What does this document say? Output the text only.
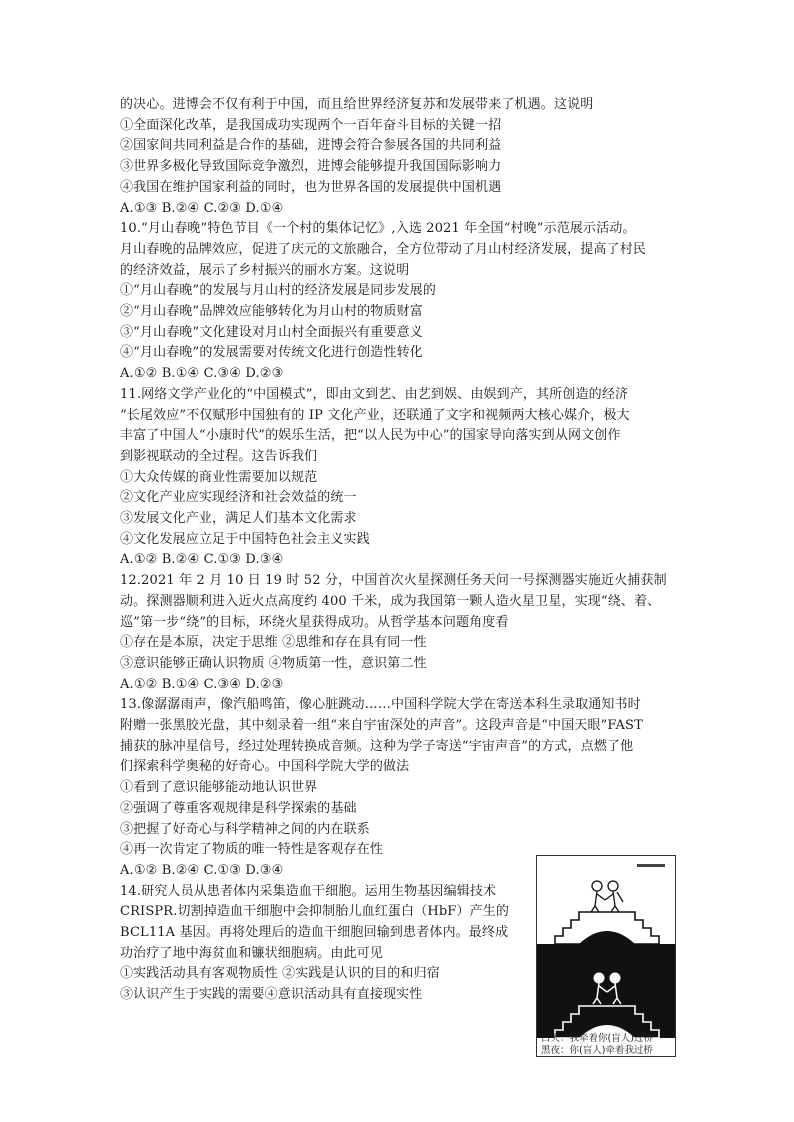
的决心。进博会不仅有利于中国，而且给世界经济复苏和发展带来了机遇。这说明
①全面深化改革，是我国成功实现两个一百年奋斗目标的关键一招
②国家间共同利益是合作的基础，进博会符合参展各国的共同利益
③世界多极化导致国际竞争激烈，进博会能够提升我国国际影响力
④我国在维护国家利益的同时，也为世界各国的发展提供中国机遇
A.①③ B.②④ C.②③ D.①④
10.“月山春晚”特色节目《一个村的集体记忆》,入选 2021 年全国“村晚”示范展示活动。
月山春晚的品牌效应，促进了庆元的文旅融合，全方位带动了月山村经济发展，提高了村民
的经济效益，展示了乡村振兴的丽水方案。这说明
①“月山春晚”的发展与月山村的经济发展是同步发展的
②“月山春晚”品牌效应能够转化为月山村的物质财富
③“月山春晚”文化建设对月山村全面振兴有重要意义
④“月山春晚”的发展需要对传统文化进行创造性转化
A.①② B.①④ C.③④ D.②③
11.网络文学产业化的“中国模式”，即由文到艺、由艺到娱、由娱到产，其所创造的经济
“长尾效应”不仅赋形中国独有的 IP 文化产业，还联通了文字和视频两大核心媒介，极大
丰富了中国人“小康时代”的娱乐生活，把“以人民为中心”的国家导向落实到从网文创作
到影视联动的全过程。这告诉我们
①大众传媒的商业性需要加以规范
②文化产业应实现经济和社会效益的统一
③发展文化产业，满足人们基本文化需求
④文化发展应立足于中国特色社会主义实践
A.①② B.②④ C.①③ D.③④
12.2021 年 2 月 10 日 19 时 52 分，中国首次火星探测任务天问一号探测器实施近火捕获制
动。探测器顺利进入近火点高度约 400 千米，成为我国第一颗人造火星卫星，实现“绕、着、
巡”第一步“绕”的目标，环绕火星获得成功。从哲学基本问题角度看
①存在是本原，决定于思维 ②思维和存在具有同一性
③意识能够正确认识物质 ④物质第一性，意识第二性
A.①② B.①④ C.③④ D.②③
13.像潺潺雨声，像汽船鸣笛，像心脏跳动……中国科学院大学在寄送本科生录取通知书时
附赠一张黑胶光盘，其中刻录着一组“来自宇宙深处的声音”。这段声音是“中国天眼”FAST
捕获的脉冲星信号，经过处理转换成音频。这种为学子寄送“宇宙声音”的方式，点燃了他
们探索科学奥秘的好奇心。中国科学院大学的做法
①看到了意识能够能动地认识世界
②强调了尊重客观规律是科学探索的基础
③把握了好奇心与科学精神之间的内在联系
④再一次肯定了物质的唯一特性是客观存在性
A.①② B.②④ C.①③ D.③④
14.研究人员从患者体内采集造血干细胞。运用生物基因编辑技术
CRISPR.切割掉造血干细胞中会抑制胎儿血红蛋白（HbF）产生的
BCL11A 基因。再将处理后的造血干细胞回输到患者体内。最终成
功治疗了地中海贫血和镰状细胞病。由此可见
①实践活动具有客观物质性 ②实践是认识的目的和归宿
③认识产生于实践的需要④意识活动具有直接现实性
白天：我牵着你(盲人)过桥
黑夜：你(盲人)牵着我过桥
